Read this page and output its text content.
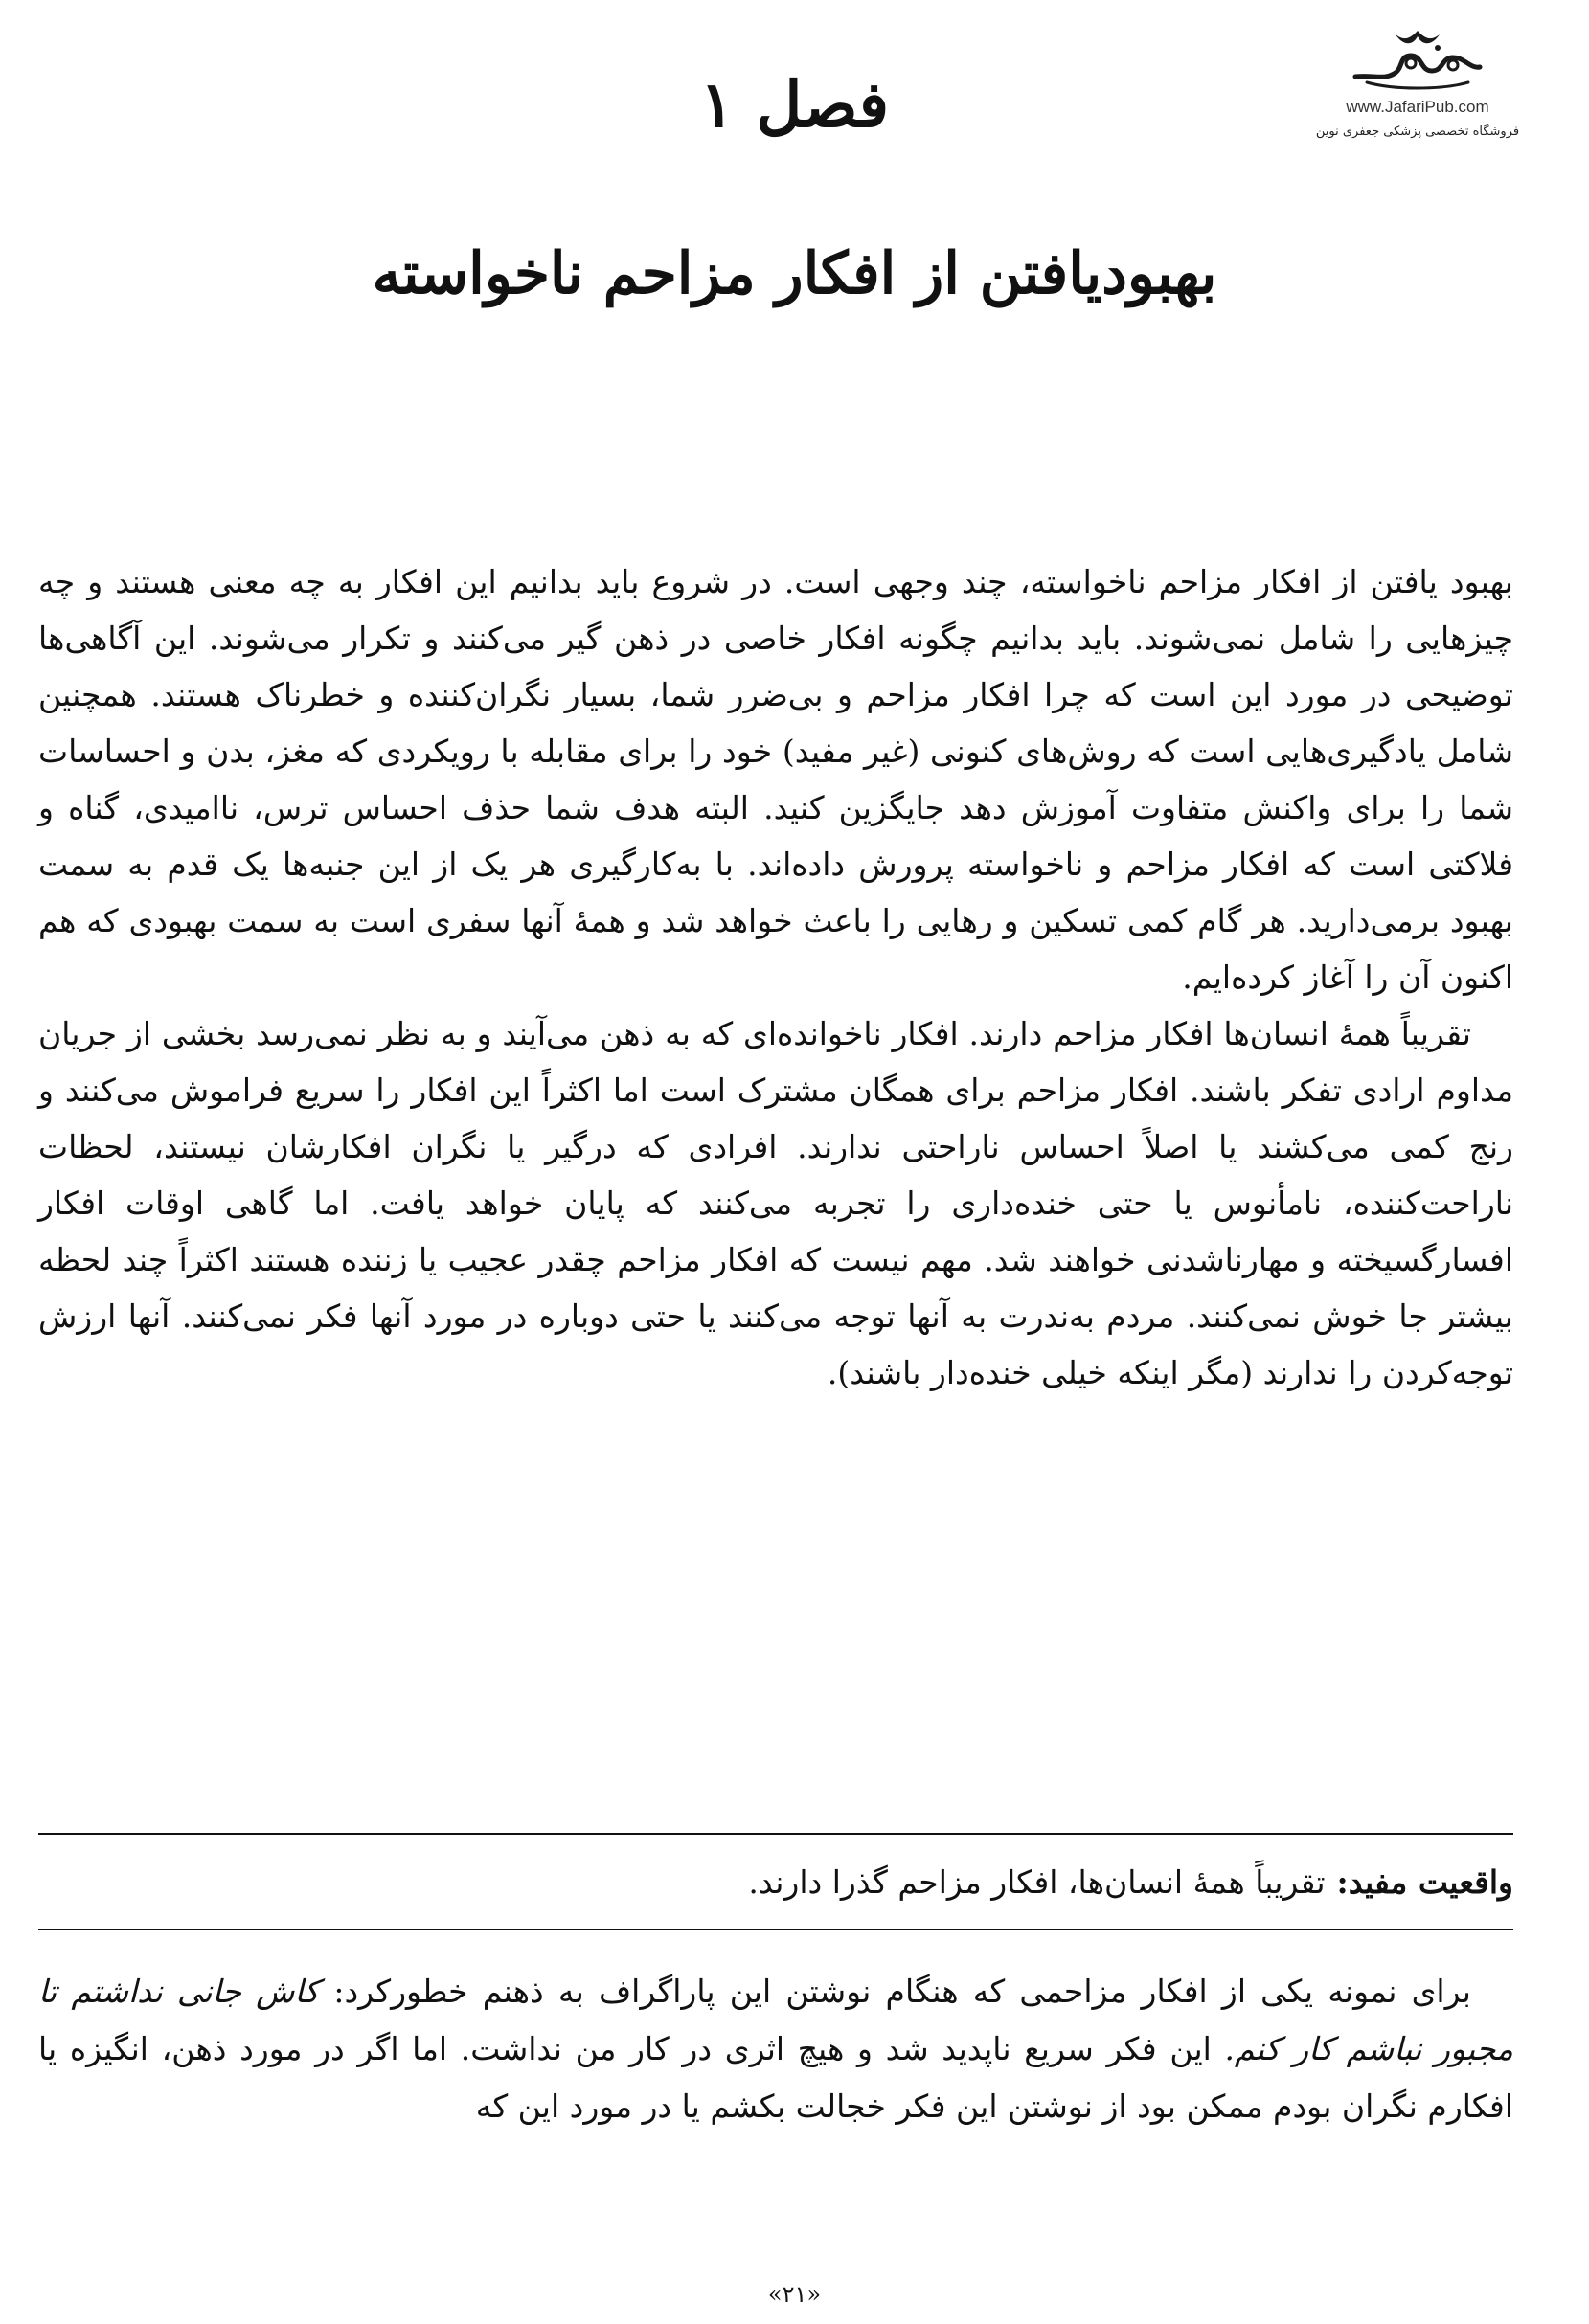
www.JafariPub.com
فروشگاه تخصصی پزشکی جعفری نوین
فصل ۱
بهبودیافتن از افکار مزاحم ناخواسته

بهبود یافتن از افکار مزاحم ناخواسته، چند وجهی است. در شروع باید بدانیم این افکار به چه معنی هستند و چه چیزهایی را شامل نمی‌شوند. باید بدانیم چگونه افکار خاصی در ذهن گیر می‌کنند و تکرار می‌شوند. این آگاهی‌ها توضیحی در مورد این است که چرا افکار مزاحم و بی‌ضرر شما، بسیار نگران‌کننده و خطرناک هستند. همچنین شامل یادگیری‌هایی است که روش‌های کنونی (غیر مفید) خود را برای مقابله با رویکردی که مغز، بدن و احساسات شما را برای واکنش متفاوت آموزش دهد جایگزین کنید. البته هدف شما حذف احساس ترس، ناامیدی، گناه و فلاکتی است که افکار مزاحم و ناخواسته پرورش داده‌اند. با به‌کارگیری هر یک از این جنبه‌ها یک قدم به سمت بهبود برمی‌دارید. هر گام کمی تسکین و رهایی را باعث خواهد شد و همهٔ آنها سفری است به سمت بهبودی که هم اکنون آن را آغاز کرده‌ایم.

تقریباً همهٔ انسان‌ها افکار مزاحم دارند. افکار ناخوانده‌ای که به ذهن می‌آیند و به نظر نمی‌رسد بخشی از جریان مداوم ارادی تفکر باشند. افکار مزاحم برای همگان مشترک است اما اکثراً این افکار را سریع فراموش می‌کنند و رنج کمی می‌کشند یا اصلاً احساس ناراحتی ندارند. افرادی که درگیر یا نگران افکارشان نیستند، لحظات ناراحت‌کننده، نامأنوس یا حتی خنده‌داری را تجربه می‌کنند که پایان خواهد یافت. اما گاهی اوقات افکار افسارگسیخته و مهارناشدنی خواهند شد. مهم نیست که افکار مزاحم چقدر عجیب یا زننده هستند اکثراً چند لحظه بیشتر جا خوش نمی‌کنند. مردم به‌ندرت به آنها توجه می‌کنند یا حتی دوباره در مورد آنها فکر نمی‌کنند. آنها ارزش توجه‌کردن را ندارند (مگر اینکه خیلی خنده‌دار باشند).

واقعیت مفید:
تقریباً همهٔ انسان‌ها، افکار مزاحم گذرا دارند.

برای نمونه یکی از افکار مزاحمی که هنگام نوشتن این پاراگراف به ذهنم خطورکرد: کاش جانی نداشتم تا مجبور نباشم کار کنم. این فکر سریع ناپدید شد و هیچ اثری در کار من نداشت. اما اگر در مورد ذهن، انگیزه یا افکارم نگران بودم ممکن بود از نوشتن این فکر خجالت بکشم یا در مورد این که

«۲۱»
